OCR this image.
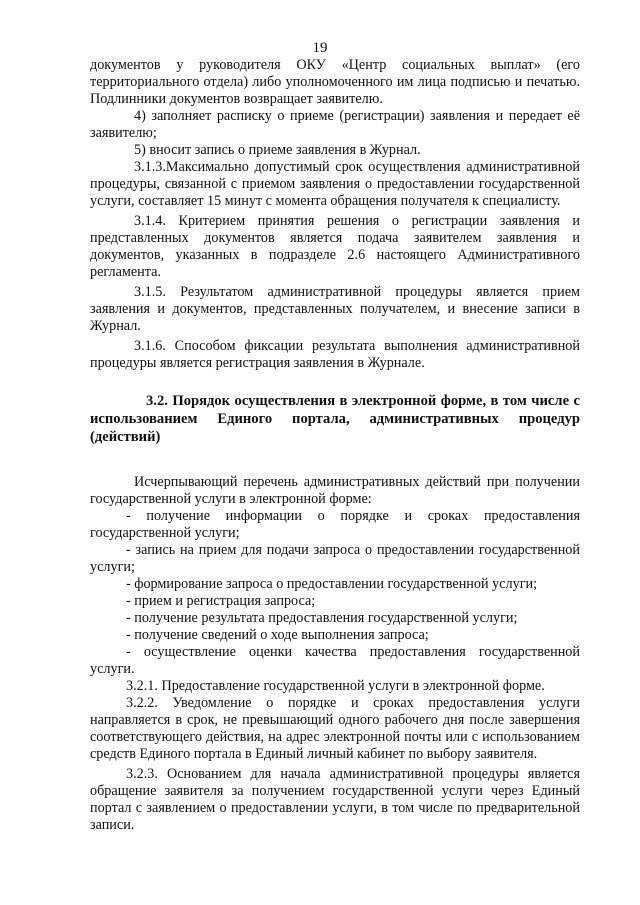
19

документов у руководителя ОКУ «Центр социальных выплат» (его территориального отдела) либо уполномоченного им лица подписью и печатью. Подлинники документов возвращает заявителю.

4) заполняет расписку о приеме (регистрации) заявления и передает её заявителю;

5) вносит запись о приеме заявления в Журнал.

3.1.3.Максимально допустимый срок осуществления административной процедуры, связанной с приемом заявления о предоставлении государственной услуги, составляет 15 минут с момента обращения получателя к специалисту.

3.1.4. Критерием принятия решения о регистрации заявления и представленных документов является подача заявителем заявления и документов, указанных в подразделе 2.6 настоящего Административного регламента.

3.1.5. Результатом административной процедуры является прием заявления и документов, представленных получателем, и внесение записи в Журнал.

3.1.6. Способом фиксации результата выполнения административной процедуры является регистрация заявления в Журнале.

3.2. Порядок осуществления в электронной форме, в том числе с использованием Единого портала, административных процедур (действий)

Исчерпывающий перечень административных действий при получении государственной услуги в электронной форме:

- получение информации о порядке и сроках предоставления государственной услуги;

- запись на прием для подачи запроса о предоставлении государственной услуги;

- формирование запроса о предоставлении государственной услуги;

- прием и регистрация запроса;

- получение результата предоставления государственной услуги;

- получение сведений о ходе выполнения запроса;

- осуществление оценки качества предоставления государственной услуги.

3.2.1. Предоставление государственной услуги в электронной форме.

3.2.2. Уведомление о порядке и сроках предоставления услуги направляется в срок, не превышающий одного рабочего дня после завершения соответствующего действия, на адрес электронной почты или с использованием средств Единого портала в Единый личный кабинет по выбору заявителя.

3.2.3. Основанием для начала административной процедуры является обращение заявителя за получением государственной услуги через Единый портал с заявлением о предоставлении услуги, в том числе по предварительной записи.
